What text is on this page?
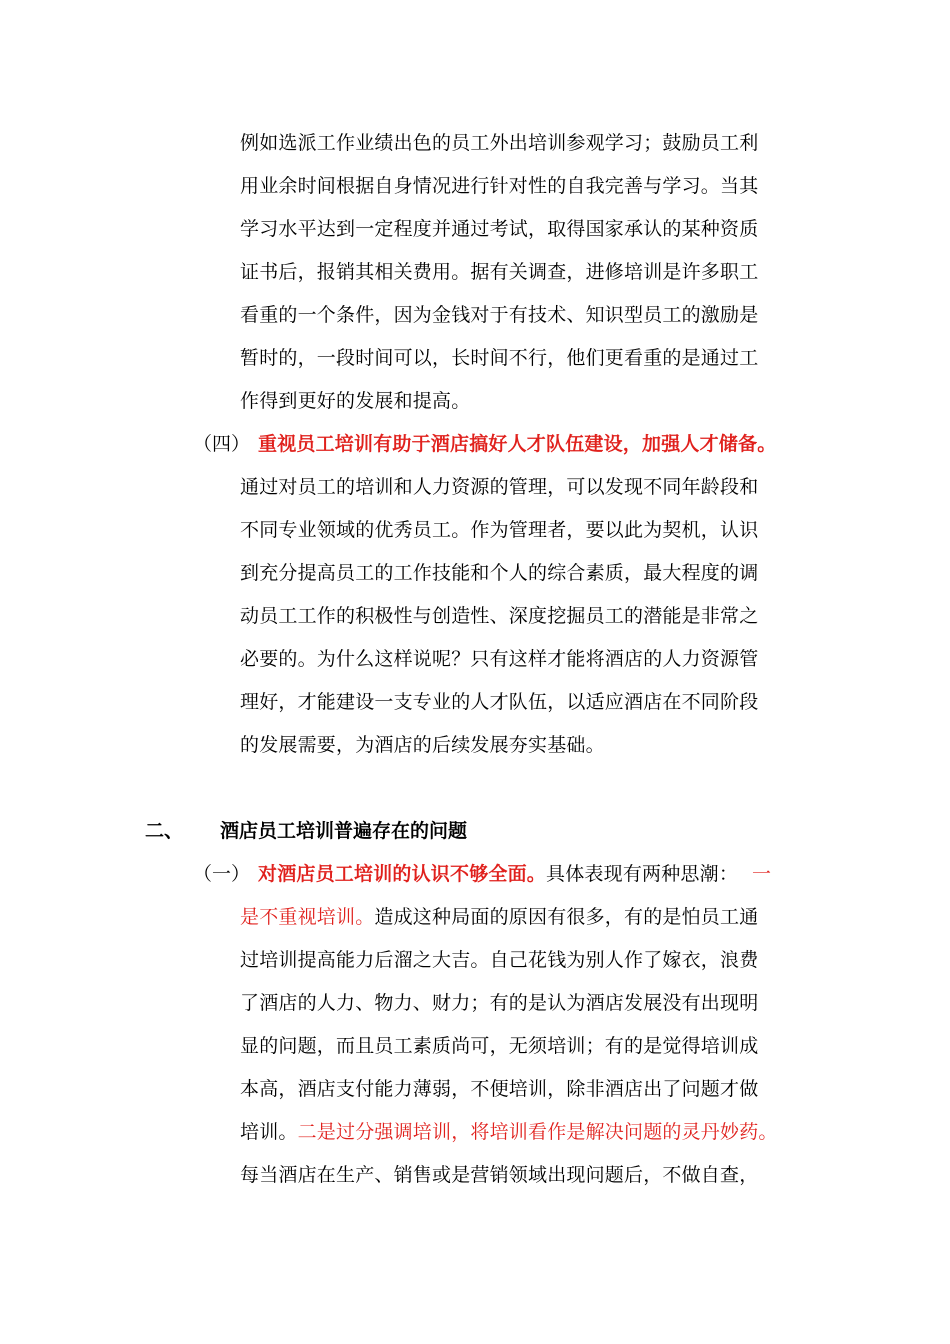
例如选派工作业绩出色的员工外出培训参观学习；鼓励员工利
用业余时间根据自身情况进行针对性的自我完善与学习。当其
学习水平达到一定程度并通过考试，取得国家承认的某种资质
证书后，报销其相关费用。据有关调查，进修培训是许多职工
看重的一个条件，因为金钱对于有技术、知识型员工的激励是
暂时的，一段时间可以，长时间不行，他们更看重的是通过工
作得到更好的发展和提高。
（四） 重视员工培训有助于酒店搞好人才队伍建设，加强人才储备。
通过对员工的培训和人力资源的管理，可以发现不同年龄段和
不同专业领域的优秀员工。作为管理者，要以此为契机，认识
到充分提高员工的工作技能和个人的综合素质，最大程度的调
动员工工作的积极性与创造性、深度挖掘员工的潜能是非常之
必要的。为什么这样说呢？只有这样才能将酒店的人力资源管
理好，才能建设一支专业的人才队伍，以适应酒店在不同阶段
的发展需要，为酒店的后续发展夯实基础。
二、 酒店员工培训普遍存在的问题
（一） 对酒店员工培训的认识不够全面。具体表现有两种思潮： 一
是不重视培训。造成这种局面的原因有很多，有的是怕员工通
过培训提高能力后溜之大吉。自己花钱为别人作了嫁衣，浪费
了酒店的人力、物力、财力；有的是认为酒店发展没有出现明
显的问题，而且员工素质尚可，无须培训；有的是觉得培训成
本高，酒店支付能力薄弱，不便培训，除非酒店出了问题才做
培训。二是过分强调培训，将培训看作是解决问题的灵丹妙药。
每当酒店在生产、销售或是营销领域出现问题后，不做自查，
